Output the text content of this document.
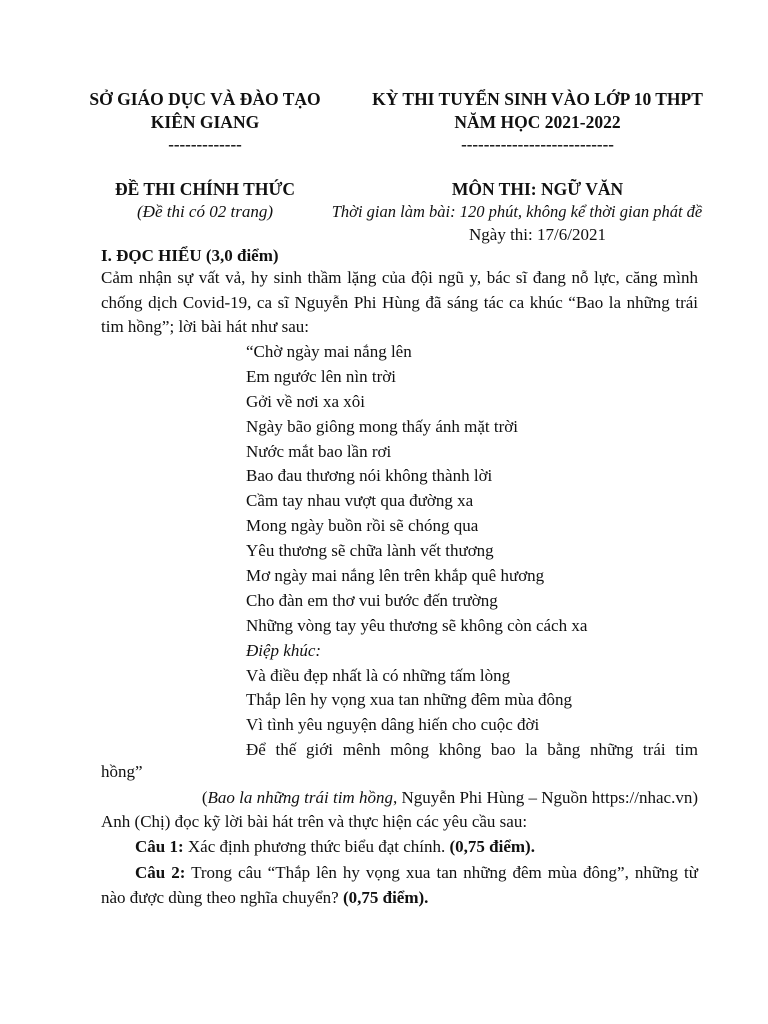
SỞ GIÁO DỤC VÀ ĐÀO TẠO
KIÊN GIANG
-------------
KỲ THI TUYỂN SINH VÀO LỚP 10 THPT
NĂM HỌC 2021-2022
---------------------------
ĐỀ THI CHÍNH THỨC
(Đề thi có 02 trang)
MÔN THI: NGỮ VĂN
Thời gian làm bài: 120 phút, không kể thời gian phát đề
Ngày thi: 17/6/2021
I. ĐỌC HIỂU (3,0 điểm)
Cảm nhận sự vất vả, hy sinh thầm lặng của đội ngũ y, bác sĩ đang nỗ lực, căng mình chống dịch Covid-19, ca sĩ Nguyễn Phi Hùng đã sáng tác ca khúc “Bao la những trái tim hồng”; lời bài hát như sau:
“Chờ ngày mai nắng lên
Em ngước lên nìn trời
Gởi về nơi xa xôi
Ngày bão giông mong thấy ánh mặt trời
Nước mắt bao lần rơi
Bao đau thương nói không thành lời
Cầm tay nhau vượt qua đường xa
Mong ngày buồn rồi sẽ chóng qua
Yêu thương sẽ chữa lành vết thương
Mơ ngày mai nắng lên trên khắp quê hương
Cho đàn em thơ vui bước đến trường
Những vòng tay yêu thương sẽ không còn cách xa
Điệp khúc:
Và điều đẹp nhất là có những tấm lòng
Thắp lên hy vọng xua tan những đêm mùa đông
Vì tình yêu nguyện dâng hiến cho cuộc đời
Để thế giới mênh mông không bao la bằng những trái tim
hồng”
(Bao la những trái tim hồng, Nguyễn Phi Hùng – Nguồn https://nhac.vn)
Anh (Chị) đọc kỹ lời bài hát trên và thực hiện các yêu cầu sau:
Câu 1: Xác định phương thức biểu đạt chính. (0,75 điểm).
Câu 2: Trong câu “Thắp lên hy vọng xua tan những đêm mùa đông”, những từ nào được dùng theo nghĩa chuyển? (0,75 điểm).
